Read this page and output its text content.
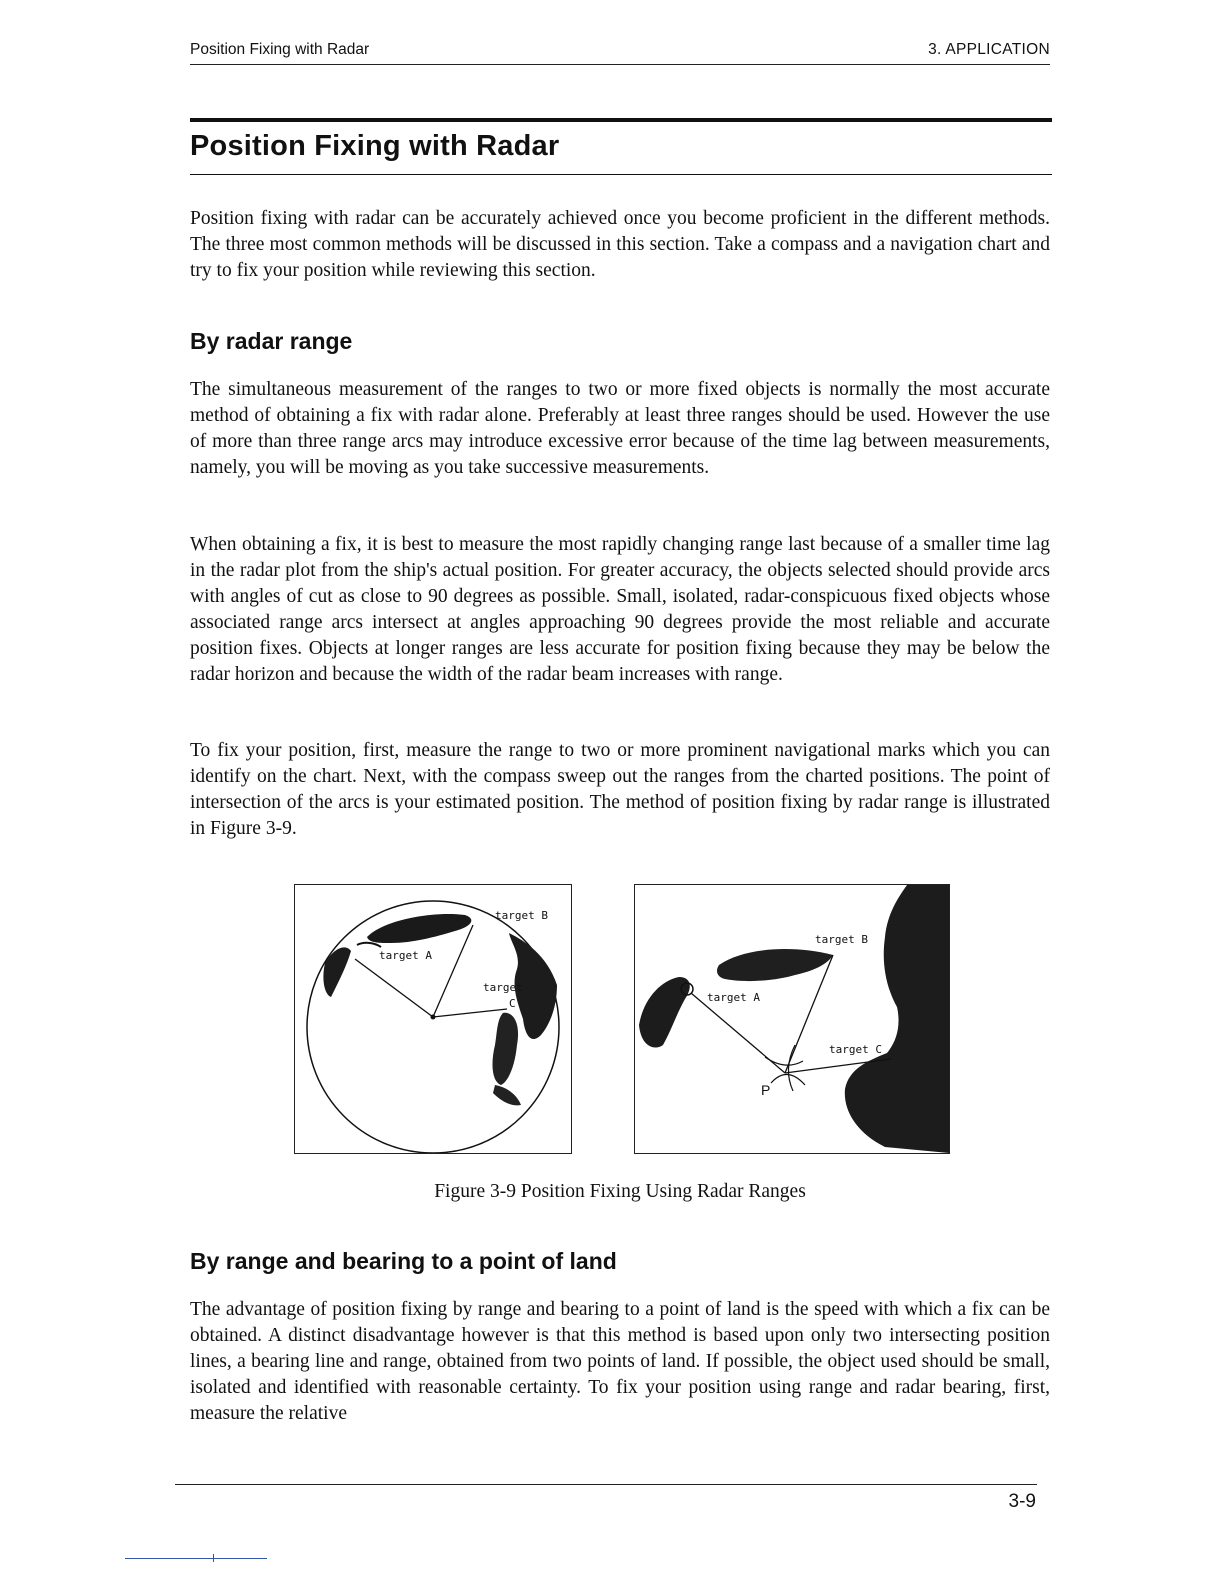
Position Fixing with Radar	3. APPLICATION
Position Fixing with Radar

Position fixing with radar can be accurately achieved once you become proficient in the different methods. The three most common methods will be discussed in this section. Take a compass and a navigation chart and try to fix your position while reviewing this section.

By radar range

The simultaneous measurement of the ranges to two or more fixed objects is normally the most accurate method of obtaining a fix with radar alone. Preferably at least three ranges should be used. However the use of more than three range arcs may introduce excessive error because of the time lag between measurements, namely, you will be moving as you take successive measurements.

When obtaining a fix, it is best to measure the most rapidly changing range last because of a smaller time lag in the radar plot from the ship's actual position. For greater accuracy, the objects selected should provide arcs with angles of cut as close to 90 degrees as possible. Small, isolated, radar-conspicuous fixed objects whose associated range arcs intersect at angles approaching 90 degrees provide the most reliable and accurate position fixes. Objects at longer ranges are less accurate for position fixing because they may be below the radar horizon and because the width of the radar beam increases with range.

To fix your position, first, measure the range to two or more prominent navigational marks which you can identify on the chart. Next, with the compass sweep out the ranges from the charted positions. The point of intersection of the arcs is your estimated position. The method of position fixing by radar range is illustrated in Figure 3-9.

target B
target A
target
C
target B
target A
target C
P
Figure 3-9 Position Fixing Using Radar Ranges
By range and bearing to a point of land

The advantage of position fixing by range and bearing to a point of land is the speed with which a fix can be obtained. A distinct disadvantage however is that this method is based upon only two intersecting position lines, a bearing line and range, obtained from two points of land. If possible, the object used should be small, isolated and identified with reasonable certainty. To fix your position using range and radar bearing, first, measure the relative

3-9
